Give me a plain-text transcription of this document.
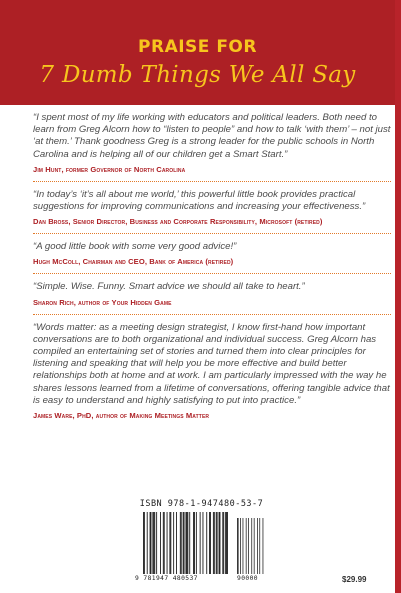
PRAISE FOR
7 Dumb Things We All Say

“I spent most of my life working with educators and political leaders. Both need to learn from Greg Alcorn how to “listen to people” and how to talk ‘with them’ – not just ‘at them.’ Thank goodness Greg is a strong leader for the public schools in North Carolina and is helping all of our children get a Smart Start.”

Jim Hunt, former Governor of North Carolina

“In today’s ‘it’s all about me world,’ this powerful little book provides practical suggestions for improving communications and increasing your effectiveness.”

Dan Bross, Senior Director, Business and Corporate Responsibility, Microsoft (retired)

“A good little book with some very good advice!”

Hugh McColl, Chairman and CEO, Bank of America (retired)

“Simple. Wise. Funny. Smart advice we should all take to heart.”

Sharon Rich, author of Your Hidden Game

“Words matter: as a meeting design strategist, I know first-hand how important conversations are to both organizational and individual success. Greg Alcorn has compiled an entertaining set of stories and turned them into clear principles for listening and speaking that will help you be more effective and build better relationships both at home and at work. I am particularly impressed with the way he shares lessons learned from a lifetime of conversations, offering tangible advice that is easy to understand and highly satisfying to put into practice.”

James Ware, PhD, author of Making Meetings Matter

ISBN 978-1-947480-53-7
9 781947 480537	90000	$29.99
